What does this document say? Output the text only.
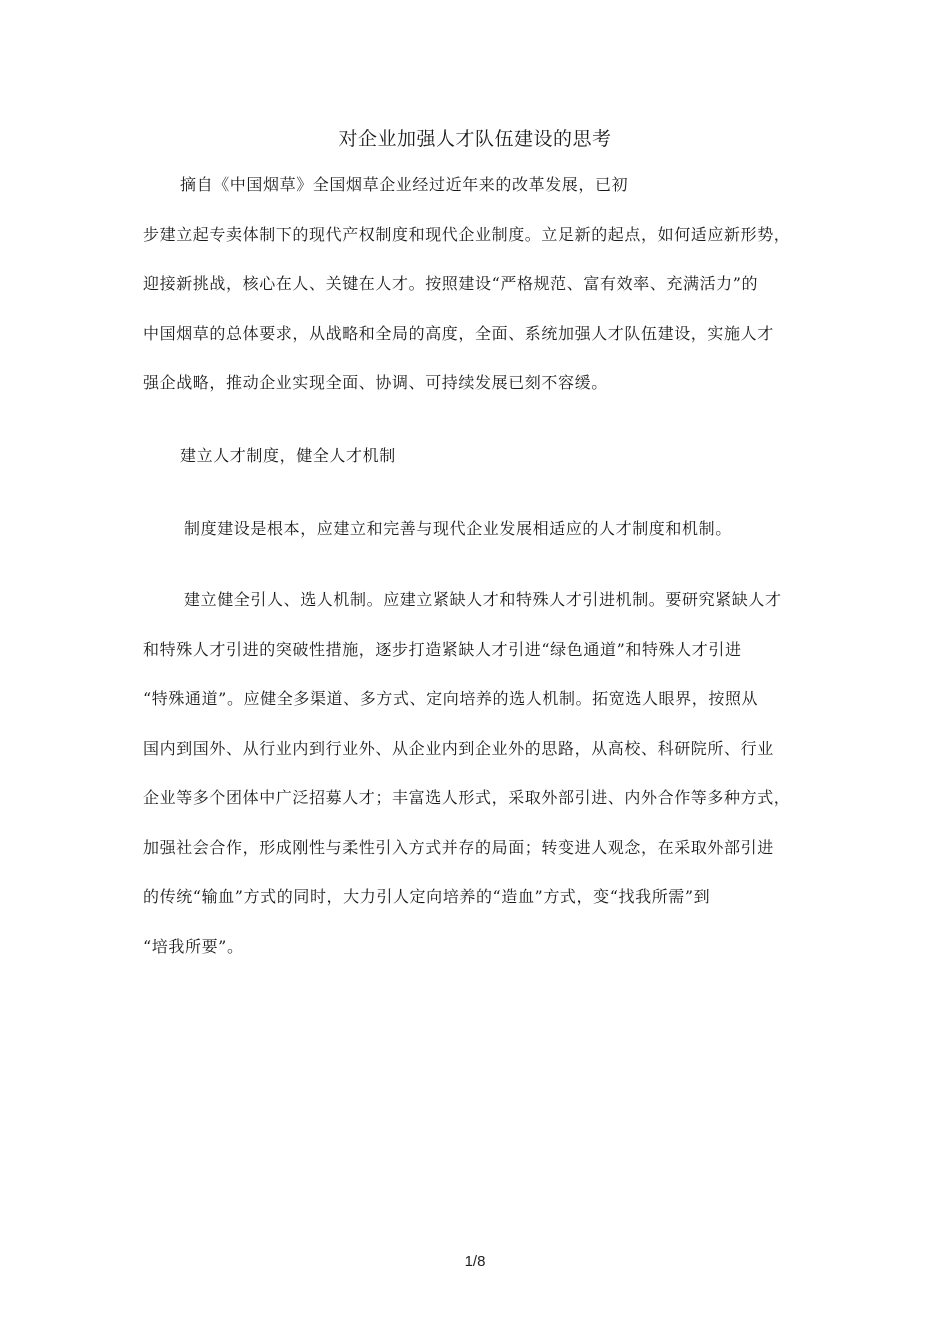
对企业加强人才队伍建设的思考
摘自《中国烟草》全国烟草企业经过近年来的改革发展，已初
步建立起专卖体制下的现代产权制度和现代企业制度。立足新的起点，如何适应新形势，
迎接新挑战，核心在人、关键在人才。按照建设“严格规范、富有效率、充满活力”的
中国烟草的总体要求，从战略和全局的高度，全面、系统加强人才队伍建设，实施人才
强企战略，推动企业实现全面、协调、可持续发展已刻不容缓。
建立人才制度，健全人才机制
制度建设是根本，应建立和完善与现代企业发展相适应的人才制度和机制。
建立健全引人、选人机制。应建立紧缺人才和特殊人才引进机制。要研究紧缺人才
和特殊人才引进的突破性措施，逐步打造紧缺人才引进“绿色通道”和特殊人才引进
“特殊通道”。应健全多渠道、多方式、定向培养的选人机制。拓宽选人眼界，按照从
国内到国外、从行业内到行业外、从企业内到企业外的思路，从高校、科研院所、行业
企业等多个团体中广泛招募人才；丰富选人形式，采取外部引进、内外合作等多种方式，
加强社会合作，形成刚性与柔性引入方式并存的局面；转变进人观念，在采取外部引进
的传统“输血”方式的同时，大力引人定向培养的“造血”方式，变“找我所需”到
“培我所要”。
1/8
